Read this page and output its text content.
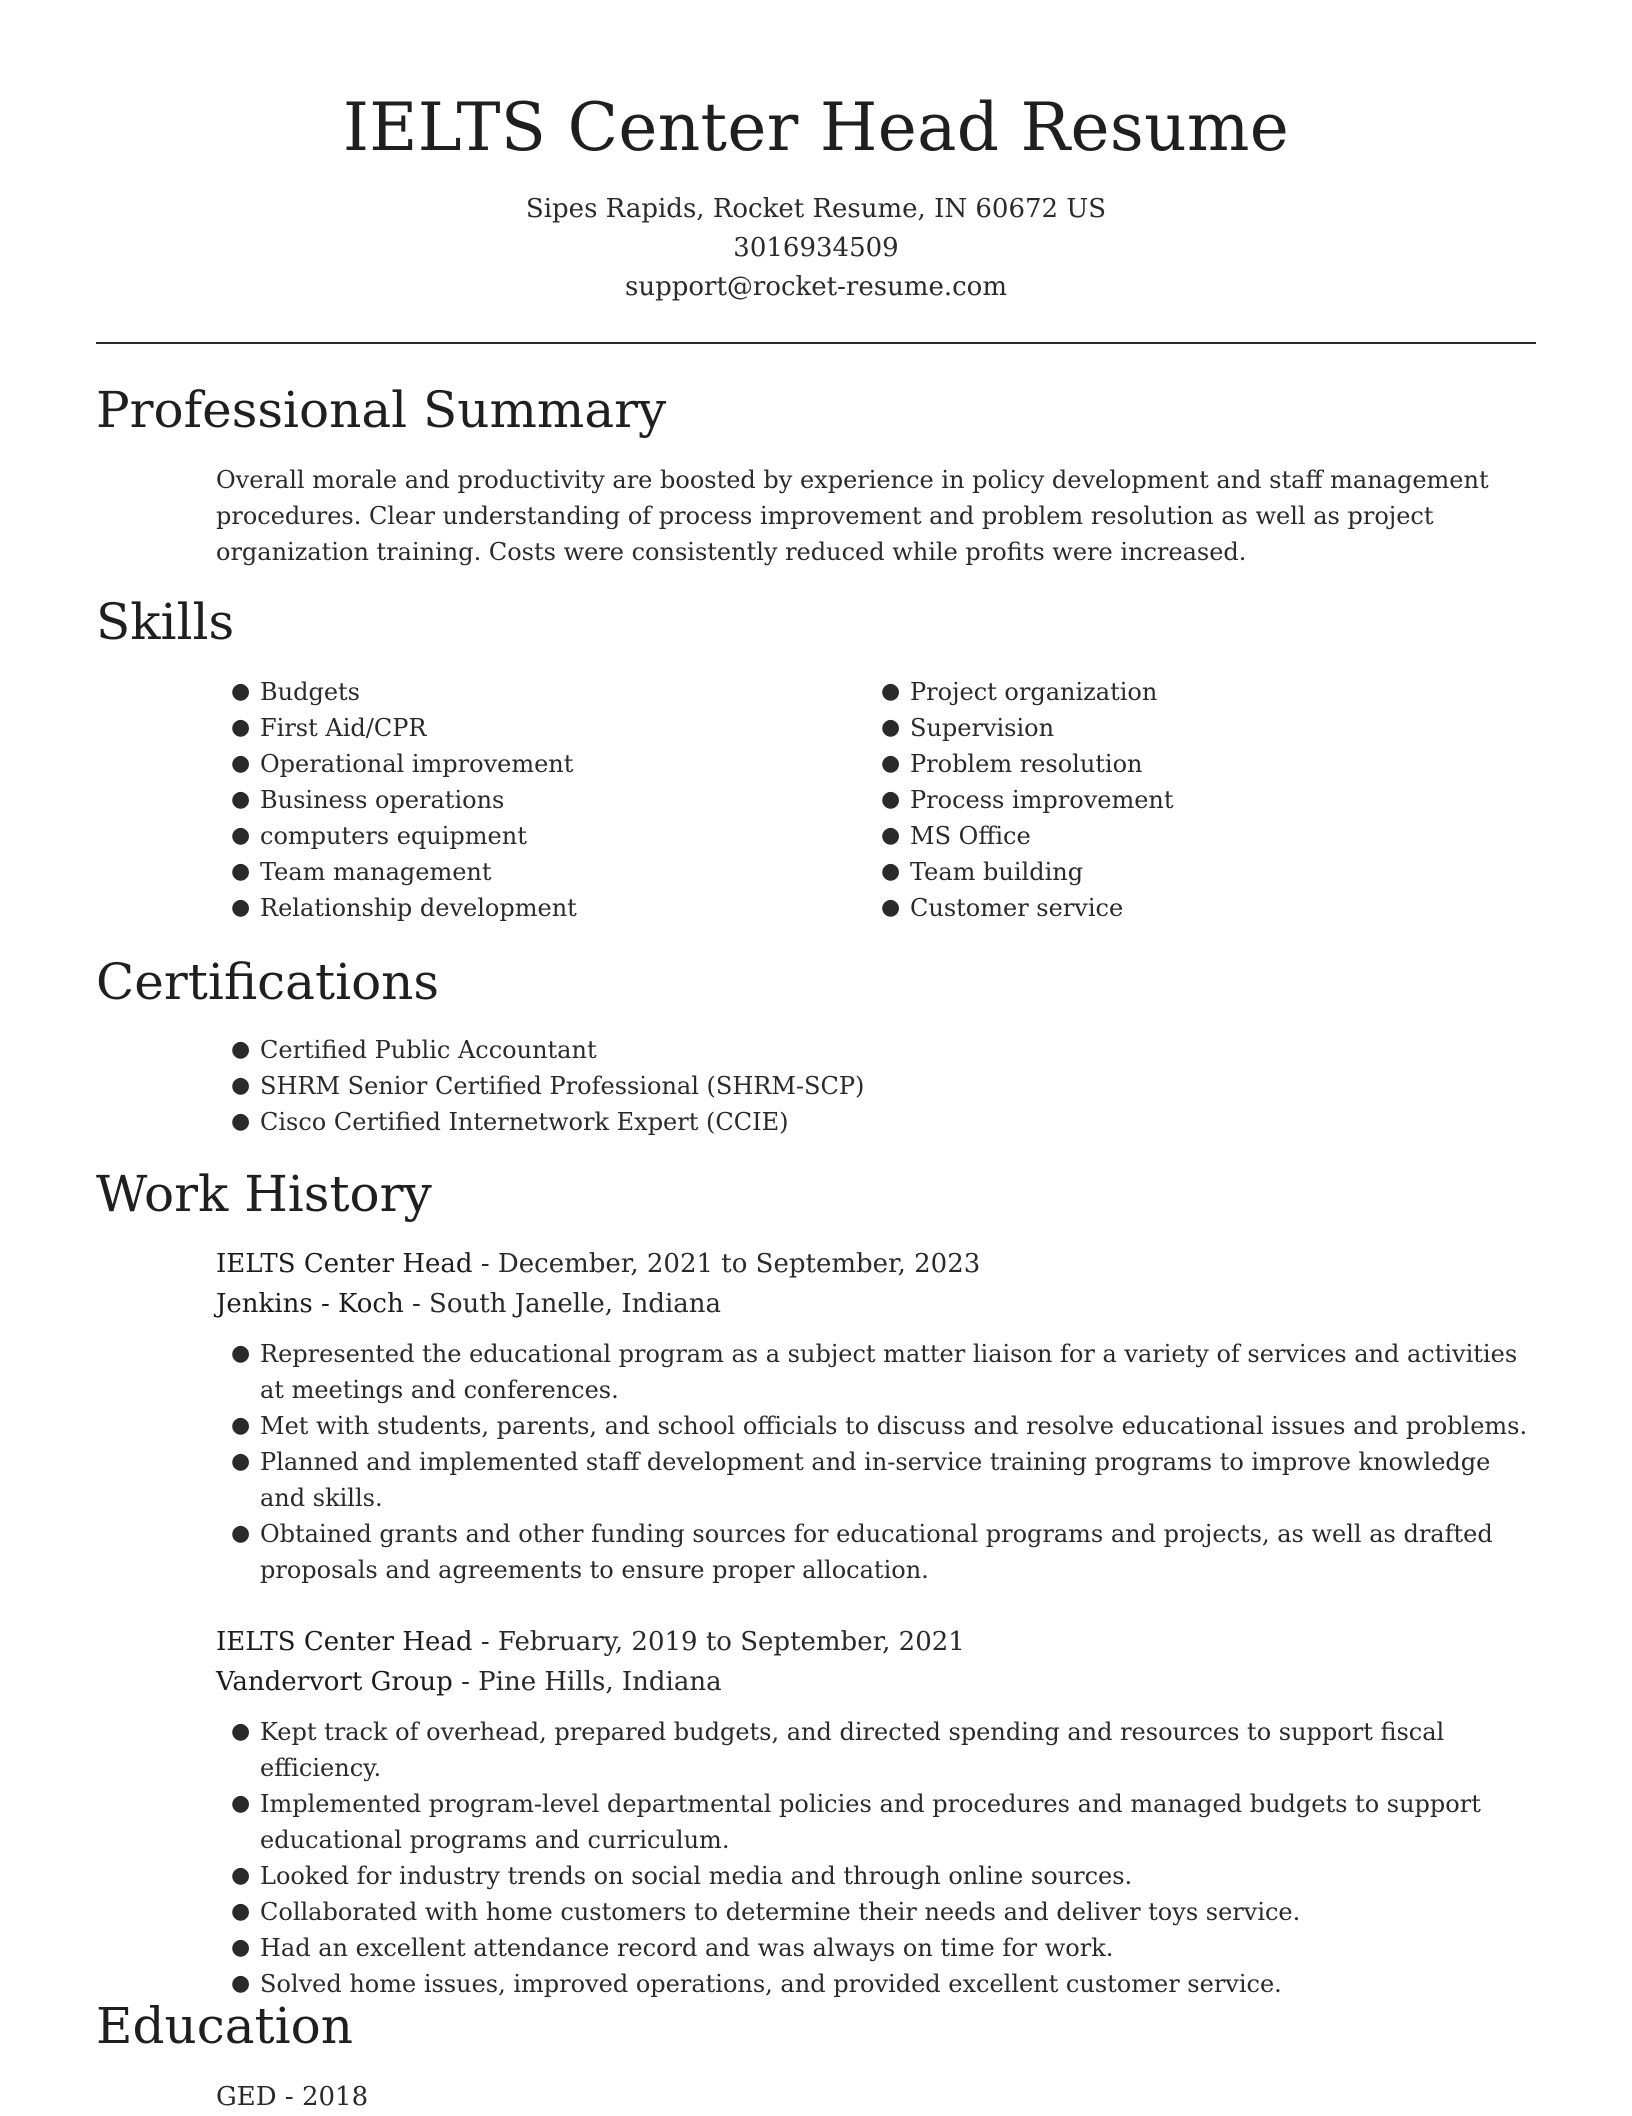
IELTS Center Head Resume
Sipes Rapids, Rocket Resume, IN 60672 US
3016934509
support@rocket-resume.com
Professional Summary

Overall morale and productivity are boosted by experience in policy development and staff management procedures. Clear understanding of process improvement and problem resolution as well as project organization training. Costs were consistently reduced while profits were increased.

Skills
● Budgets
● First Aid/CPR
● Operational improvement
● Business operations
● computers equipment
● Team management
● Relationship development
● Project organization
● Supervision
● Problem resolution
● Process improvement
● MS Office
● Team building
● Customer service
Certifications
● Certified Public Accountant
● SHRM Senior Certified Professional (SHRM-SCP)
● Cisco Certified Internetwork Expert (CCIE)
Work History
IELTS Center Head - December, 2021 to September, 2023
Jenkins - Koch - South Janelle, Indiana
● Represented the educational program as a subject matter liaison for a variety of services and activities at meetings and conferences.
● Met with students, parents, and school officials to discuss and resolve educational issues and problems.
● Planned and implemented staff development and in-service training programs to improve knowledge and skills.
● Obtained grants and other funding sources for educational programs and projects, as well as drafted proposals and agreements to ensure proper allocation.
IELTS Center Head - February, 2019 to September, 2021
Vandervort Group - Pine Hills, Indiana
● Kept track of overhead, prepared budgets, and directed spending and resources to support fiscal efficiency.
● Implemented program-level departmental policies and procedures and managed budgets to support educational programs and curriculum.
● Looked for industry trends on social media and through online sources.
● Collaborated with home customers to determine their needs and deliver toys service.
● Had an excellent attendance record and was always on time for work.
● Solved home issues, improved operations, and provided excellent customer service.
Education
GED - 2018
